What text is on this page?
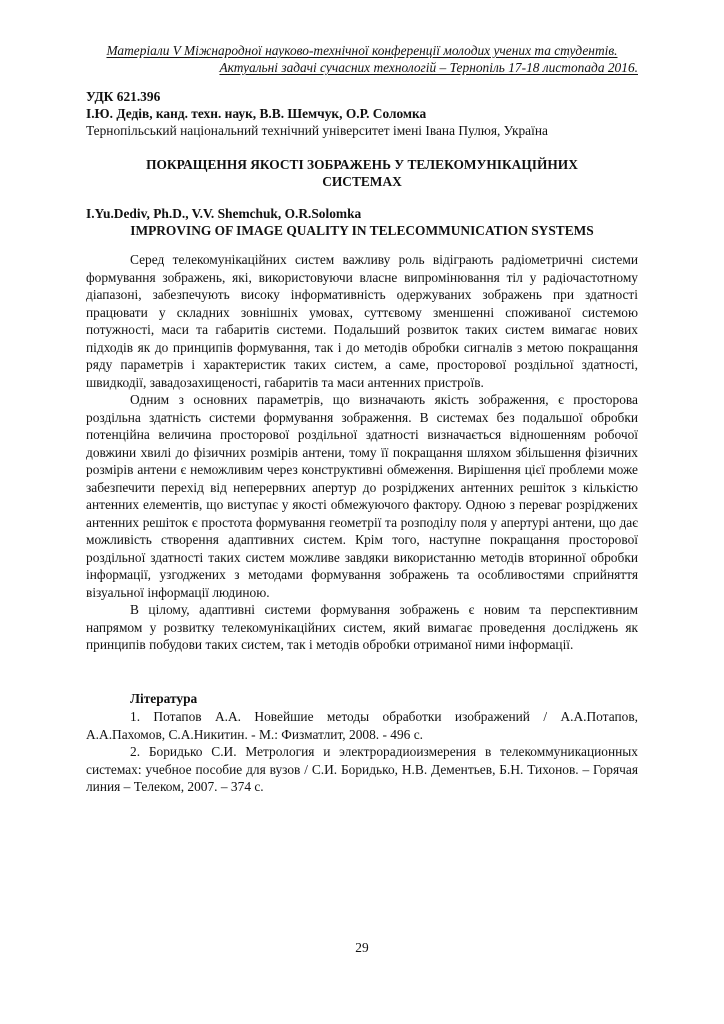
Матеріали V Міжнародної науково-технічної конференції молодих учених та студентів.
Актуальні задачі сучасних технологій – Тернопіль 17-18 листопада 2016.
УДК 621.396
І.Ю. Дедів, канд. техн. наук, В.В. Шемчук, О.Р. Соломка
Тернопільський національний технічний університет імені Івана Пулюя, Україна
ПОКРАЩЕННЯ ЯКОСТІ ЗОБРАЖЕНЬ У ТЕЛЕКОМУНІКАЦІЙНИХ
СИСТЕМАХ
I.Yu.Dediv, Ph.D., V.V. Shemchuk, O.R.Solomka
IMPROVING OF IMAGE QUALITY IN TELECOMMUNICATION SYSTEMS

Серед телекомунікаційних систем важливу роль відіграють радіометричні системи формування зображень, які, використовуючи власне випромінювання тіл у радіочастотному діапазоні, забезпечують високу інформативність одержуваних зображень при здатності працювати у складних зовнішніх умовах, суттєвому зменшенні споживаної системою потужності, маси та габаритів системи. Подальший розвиток таких систем вимагає нових підходів як до принципів формування, так і до методів обробки сигналів з метою покращання ряду параметрів і характеристик таких систем, а саме, просторової роздільної здатності, швидкодії, завадозахищеності, габаритів та маси антенних пристроїв.

Одним з основних параметрів, що визначають якість зображення, є просторова роздільна здатність системи формування зображення. В системах без подальшої обробки потенційна величина просторової роздільної здатності визначається відношенням робочої довжини хвилі до фізичних розмірів антени, тому її покращання шляхом збільшення фізичних розмірів антени є неможливим через конструктивні обмеження. Вирішення цієї проблеми може забезпечити перехід від неперервних апертур до розріджених антенних решіток з кількістю антенних елементів, що виступає у якості обмежуючого фактору. Одною з переваг розріджених антенних решіток є простота формування геометрії та розподілу поля у апертурі антени, що дає можливість створення адаптивних систем. Крім того, наступне покращання просторової роздільної здатності таких систем можливе завдяки використанню методів вторинної обробки інформації, узгоджених з методами формування зображень та особливостями сприйняття візуальної інформації людиною.

В цілому, адаптивні системи формування зображень є новим та перспективним напрямом у розвитку телекомунікаційних систем, який вимагає проведення досліджень як принципів побудови таких систем, так і методів обробки отриманої ними інформації.

Література

1. Потапов А.А. Новейшие методы обработки изображений / А.А.Потапов, А.А.Пахомов, С.А.Никитин. - М.: Физматлит, 2008. - 496 с.

2. Боридько С.И. Метрология и электрорадиоизмерения в телекоммуникационных системах: учебное пособие для вузов / С.И. Боридько, Н.В. Дементьев, Б.Н. Тихонов. – Горячая линия – Телеком, 2007. – 374 с.

29
